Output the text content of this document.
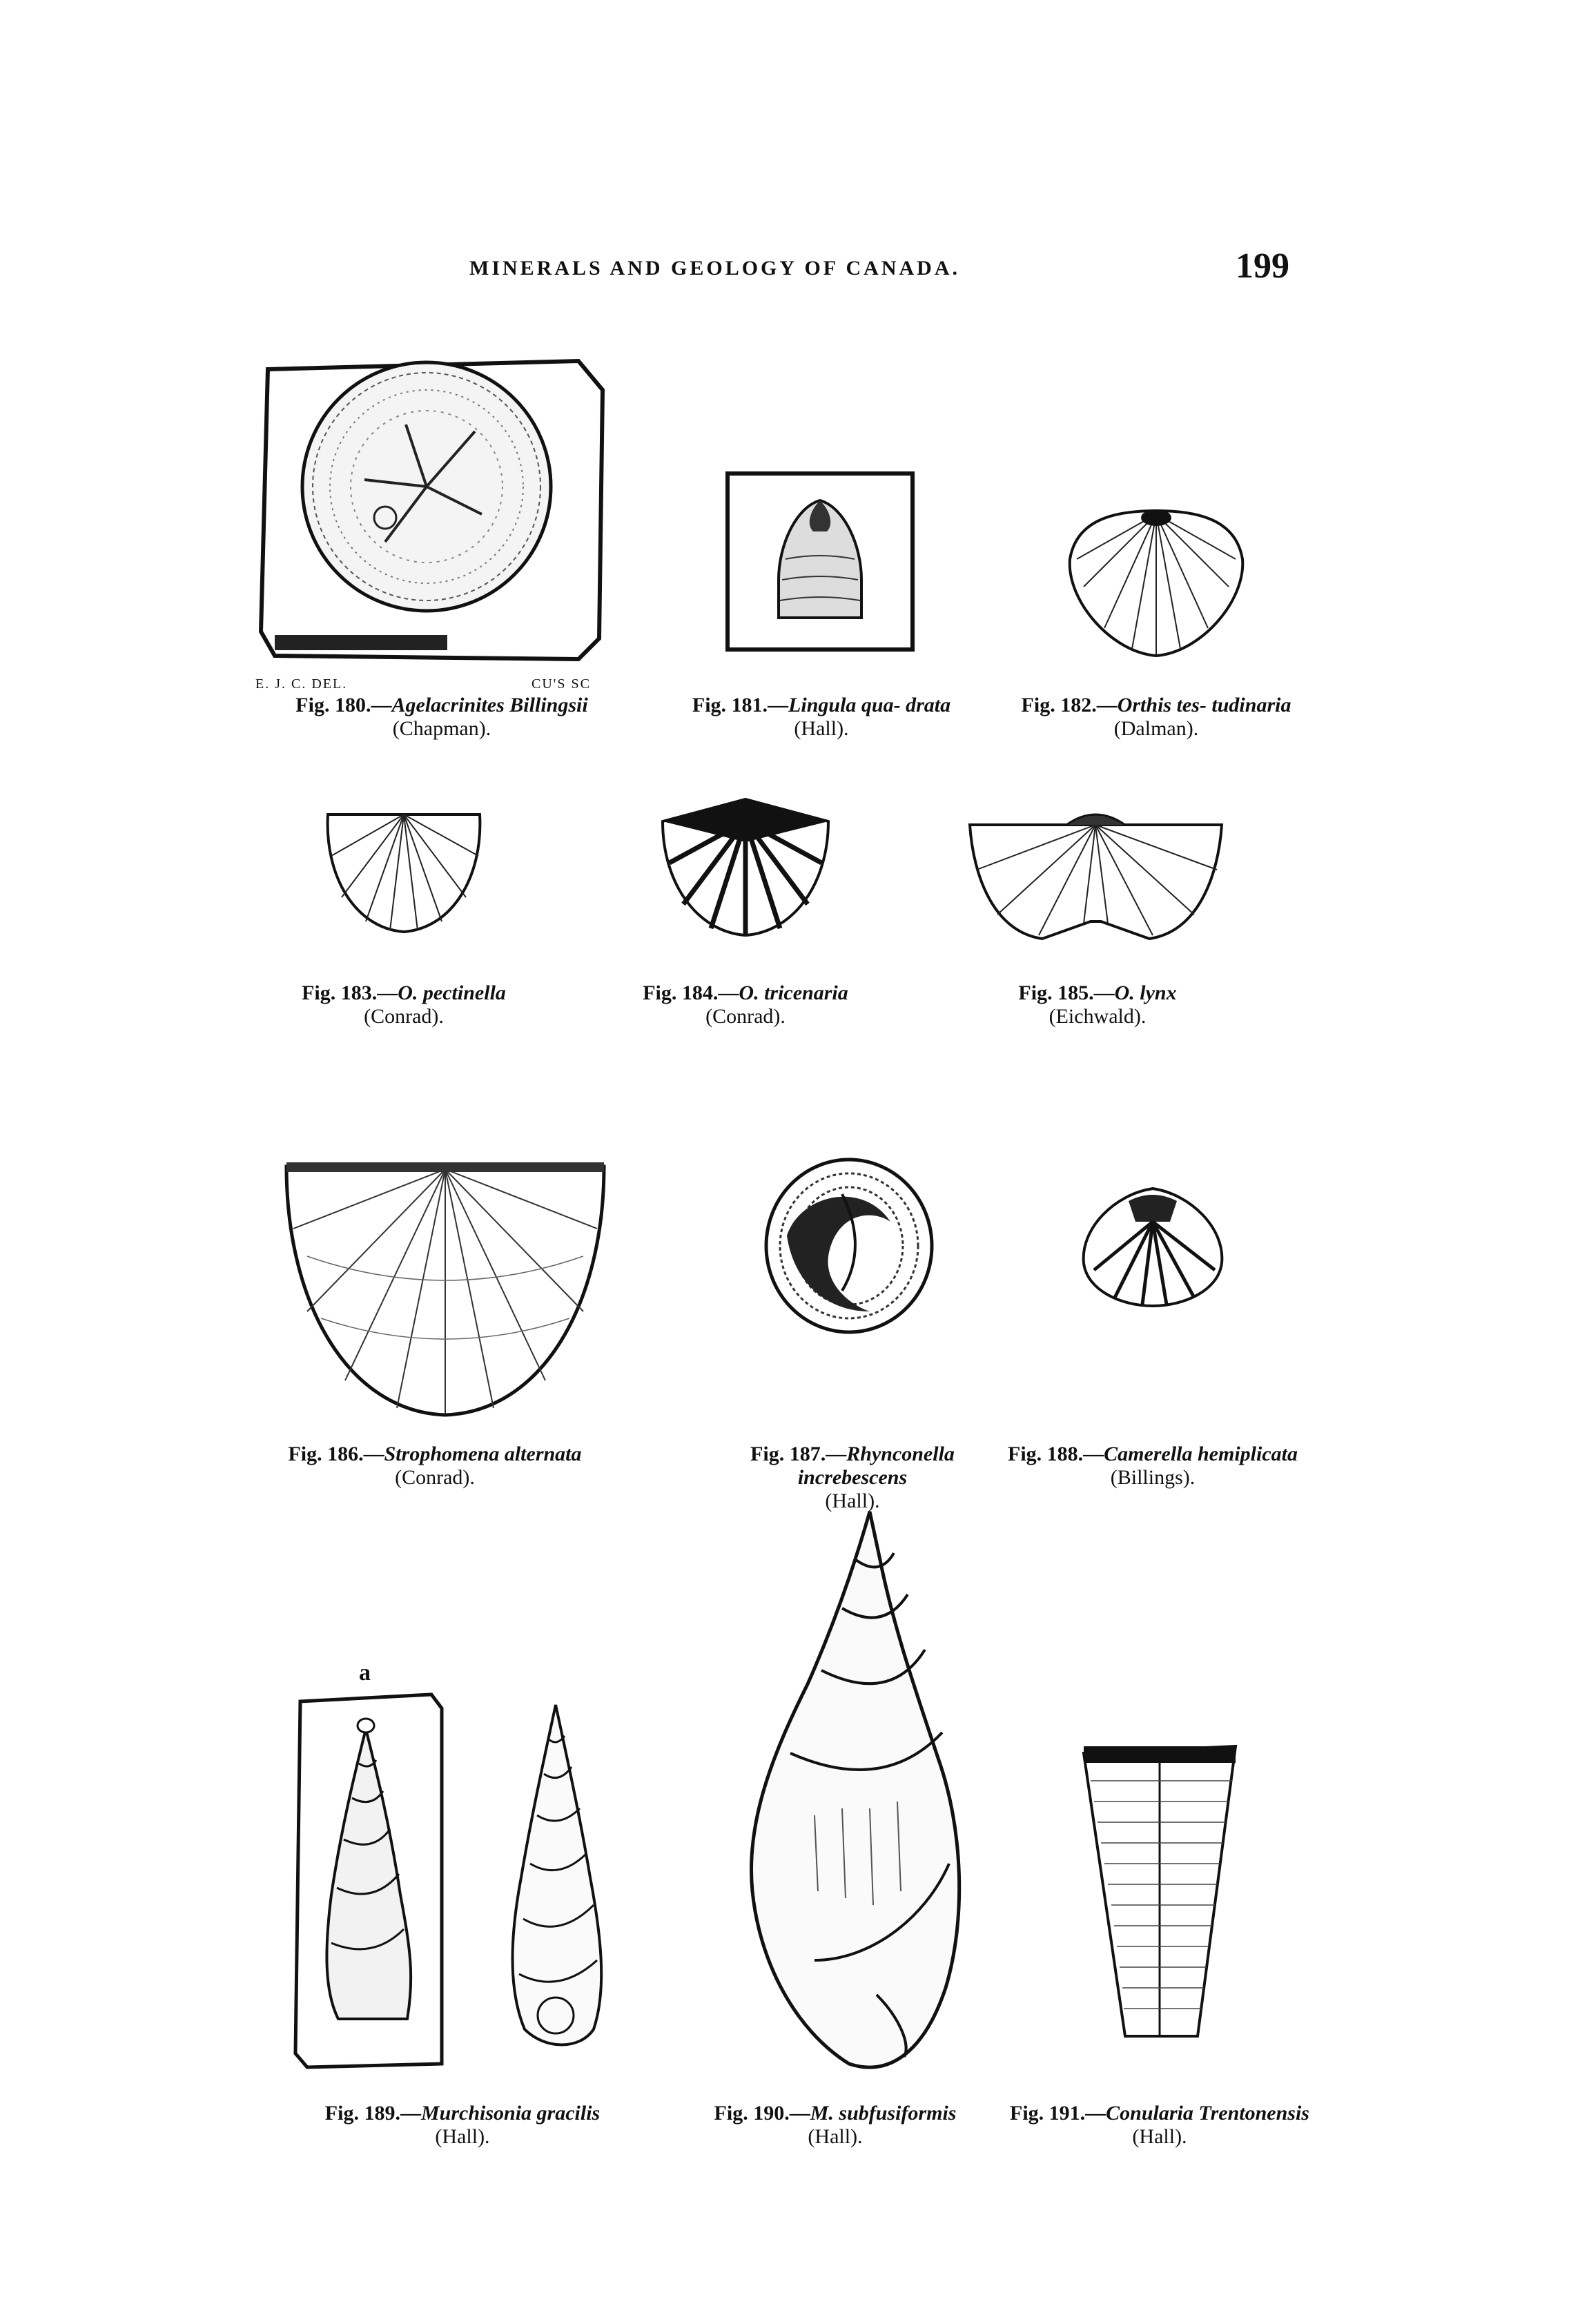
MINERALS AND GEOLOGY OF CANADA.	199
E. J. C. DEL.	CU'S SC
Fig. 180.—Agelacrinites Billingsii
(Chapman).
Fig. 181.—Lingula qua- drata (Hall).
Fig. 182.—Orthis tes- tudinaria (Dalman).
Fig. 183.—O. pectinella
(Conrad).
Fig. 184.—O. tricenaria
(Conrad).
Fig. 185.—O. lynx
(Eichwald).
Fig. 186.—Strophomena alternata
(Conrad).
Fig. 187.—Rhynconella increbescens
(Hall).
Fig. 188.—Camerella hemiplicata
(Billings).
a
Fig. 189.—Murchisonia gracilis
(Hall).
Fig. 190.—M. subfusiformis
(Hall).
Fig. 191.—Conularia Trentonensis
(Hall).
